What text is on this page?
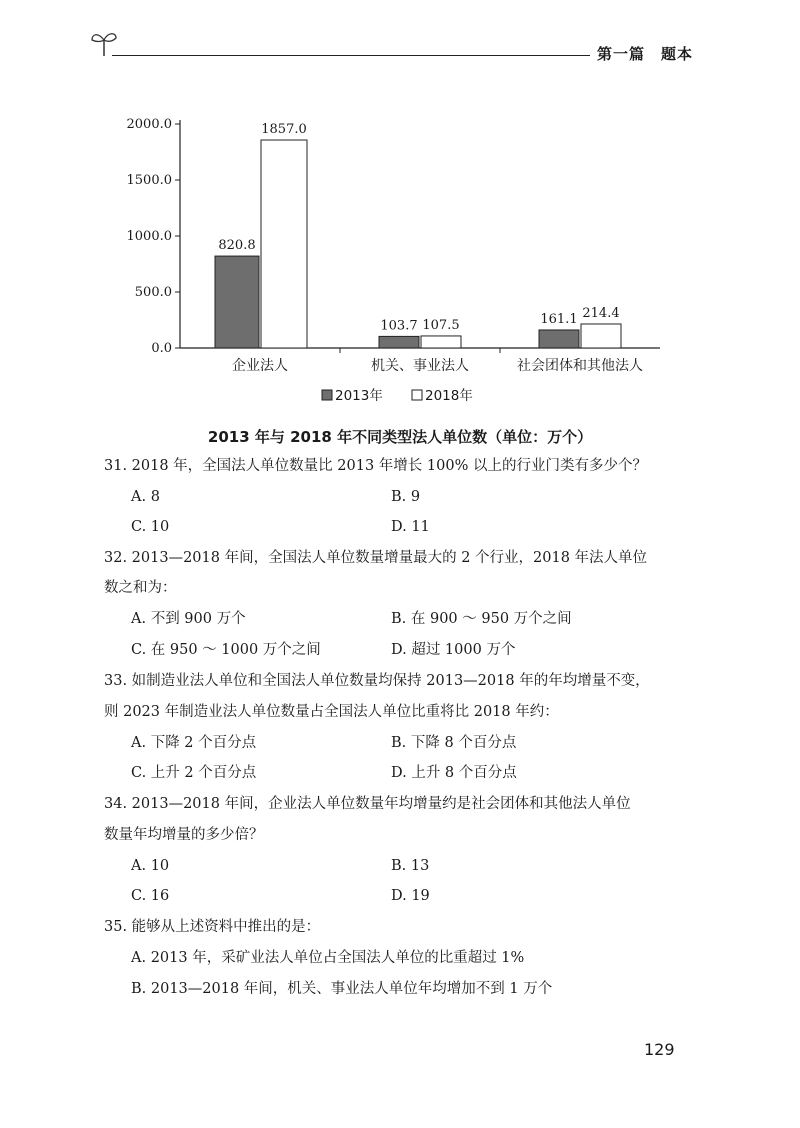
第一篇　题本
0.0
500.0
1000.0
1500.0
2000.0
820.8
1857.0
企业法人
103.7 107.5
机关、事业法人
161.1 214.4
社会团体和其他法人
2013年	2018年
2013 年与 2018 年不同类型法人单位数（单位：万个）
31. 2018 年，全国法人单位数量比 2013 年增长 100% 以上的行业门类有多少个？
A. 8	B. 9
C. 10	D. 11
32. 2013—2018 年间，全国法人单位数量增量最大的 2 个行业，2018 年法人单位
数之和为：
A. 不到 900 万个	B. 在 900 ～ 950 万个之间
C. 在 950 ～ 1000 万个之间	D. 超过 1000 万个
33. 如制造业法人单位和全国法人单位数量均保持 2013—2018 年的年均增量不变，
则 2023 年制造业法人单位数量占全国法人单位比重将比 2018 年约：
A. 下降 2 个百分点	B. 下降 8 个百分点
C. 上升 2 个百分点	D. 上升 8 个百分点
34. 2013—2018 年间，企业法人单位数量年均增量约是社会团体和其他法人单位
数量年均增量的多少倍？
A. 10	B. 13
C. 16	D. 19
35. 能够从上述资料中推出的是：
A. 2013 年，采矿业法人单位占全国法人单位的比重超过 1%
B. 2013—2018 年间，机关、事业法人单位年均增加不到 1 万个
129
